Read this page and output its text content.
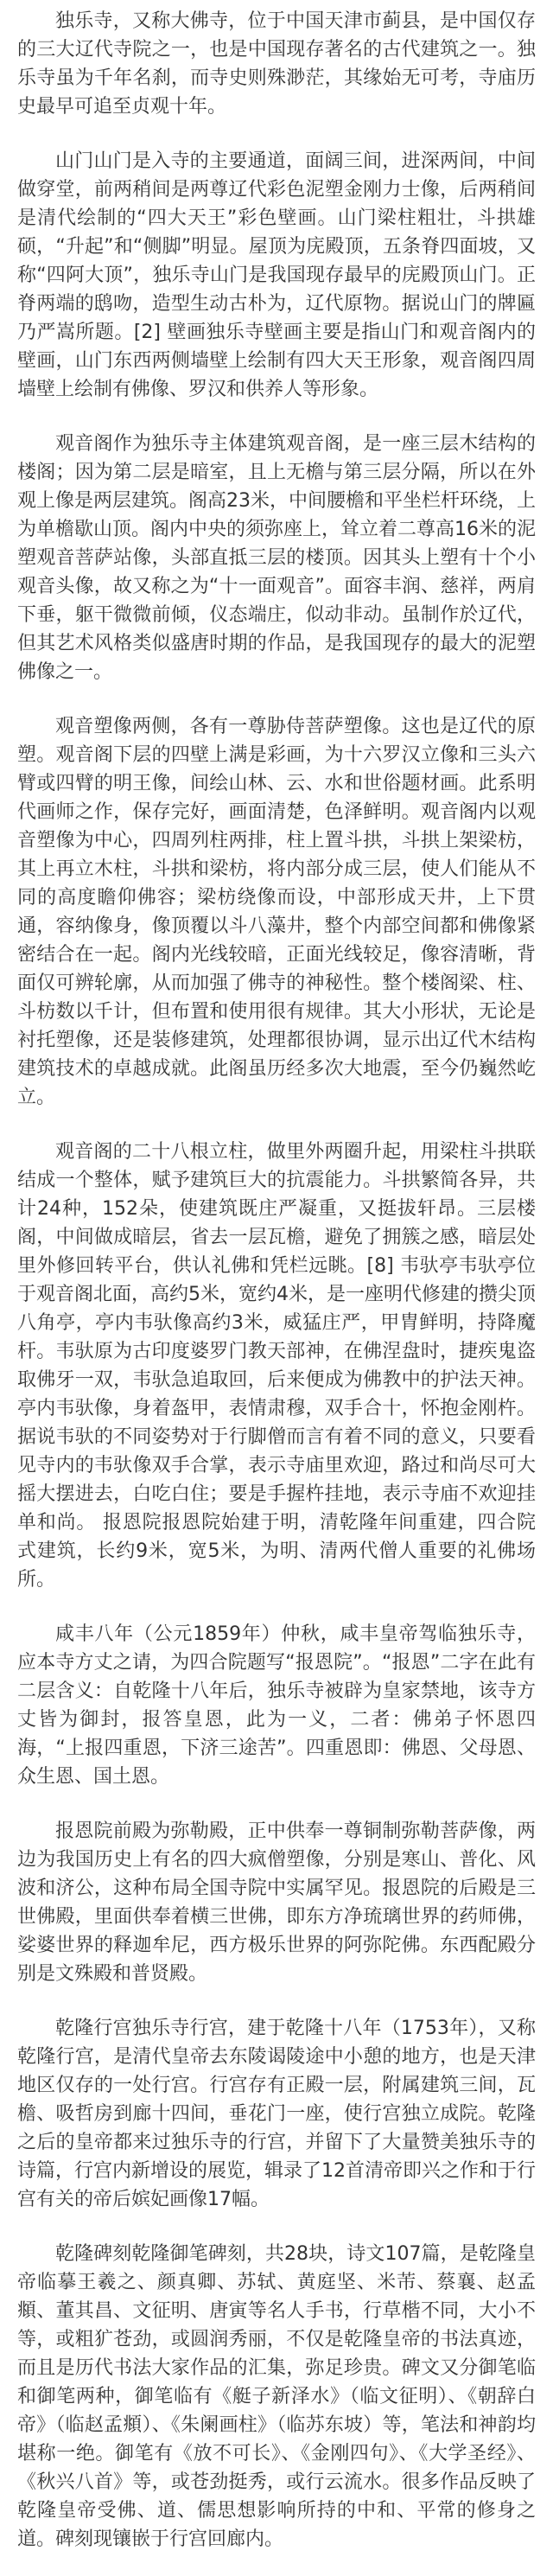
独乐寺，又称大佛寺，位于中国天津市蓟县，是中国仅存的三大辽代寺院之一，也是中国现存著名的古代建筑之一。独乐寺虽为千年名刹，而寺史则殊渺茫，其缘始无可考，寺庙历史最早可追至贞观十年。

山门山门是入寺的主要通道，面阔三间，进深两间，中间做穿堂，前两稍间是两尊辽代彩色泥塑金刚力士像，后两稍间是清代绘制的“四大天王”彩色壁画。山门梁柱粗壮，斗拱雄硕，“升起”和“侧脚”明显。屋顶为庑殿顶，五条脊四面坡，又称“四阿大顶”，独乐寺山门是我国现存最早的庑殿顶山门。正脊两端的鸱吻，造型生动古朴为，辽代原物。据说山门的牌匾乃严嵩所题。[2] 壁画独乐寺壁画主要是指山门和观音阁内的壁画，山门东西两侧墙壁上绘制有四大天王形象，观音阁四周墙壁上绘制有佛像、罗汉和供养人等形象。

观音阁作为独乐寺主体建筑观音阁，是一座三层木结构的楼阁；因为第二层是暗室，且上无檐与第三层分隔，所以在外观上像是两层建筑。阁高23米，中间腰檐和平坐栏杆环绕，上为单檐歇山顶。阁内中央的须弥座上，耸立着二尊高16米的泥塑观音菩萨站像，头部直抵三层的楼顶。因其头上塑有十个小观音头像，故又称之为“十一面观音”。面容丰润、慈祥，两肩下垂，躯干微微前倾，仪态端庄，似动非动。虽制作於辽代，但其艺术风格类似盛唐时期的作品，是我国现存的最大的泥塑佛像之一。

观音塑像两侧，各有一尊胁侍菩萨塑像。这也是辽代的原塑。观音阁下层的四壁上满是彩画，为十六罗汉立像和三头六臂或四臂的明王像，间绘山林、云、水和世俗题材画。此系明代画师之作，保存完好，画面清楚，色泽鲜明。观音阁内以观音塑像为中心，四周列柱两排，柱上置斗拱，斗拱上架梁枋，其上再立木柱，斗拱和梁枋，将内部分成三层，使人们能从不同的高度瞻仰佛容；梁枋绕像而设，中部形成天井，上下贯通，容纳像身，像顶覆以斗八藻井，整个内部空间都和佛像紧密结合在一起。阁内光线较暗，正面光线较足，像容清晰，背面仅可辨轮廓，从而加强了佛寺的神秘性。整个楼阁梁、柱、斗枋数以千计，但布置和使用很有规律。其大小形状，无论是衬托塑像，还是装修建筑，处理都很协调，显示出辽代木结构建筑技术的卓越成就。此阁虽历经多次大地震，至今仍巍然屹立。

观音阁的二十八根立柱，做里外两圈升起，用梁柱斗拱联结成一个整体，赋予建筑巨大的抗震能力。斗拱繁简各异，共计24种，152朵，使建筑既庄严凝重，又挺拔轩昂。三层楼阁，中间做成暗层，省去一层瓦檐，避免了拥簇之感，暗层处里外修回转平台，供认礼佛和凭栏远眺。[8] 韦驮亭韦驮亭位于观音阁北面，高约5米，宽约4米，是一座明代修建的攒尖顶八角亭，亭内韦驮像高约3米，威猛庄严，甲胄鲜明，持降魔杆。韦驮原为古印度婆罗门教天部神，在佛涅盘时，捷疾鬼盗取佛牙一双，韦驮急追取回，后来便成为佛教中的护法天神。亭内韦驮像，身着盔甲，表情肃穆，双手合十，怀抱金刚杵。据说韦驮的不同姿势对于行脚僧而言有着不同的意义，只要看见寺内的韦驮像双手合掌，表示寺庙里欢迎，路过和尚尽可大摇大摆进去，白吃白住；要是手握杵挂地，表示寺庙不欢迎挂单和尚。 报恩院报恩院始建于明，清乾隆年间重建，四合院式建筑，长约9米，宽5米，为明、清两代僧人重要的礼佛场所。

咸丰八年（公元1859年）仲秋，咸丰皇帝驾临独乐寺，应本寺方丈之请，为四合院题写“报恩院”。“报恩”二字在此有二层含义：自乾隆十八年后，独乐寺被辟为皇家禁地，该寺方丈皆为御封，报答皇恩，此为一义，二者：佛弟子怀恩四海，“上报四重恩，下济三途苦”。四重恩即：佛恩、父母恩、众生恩、国土恩。

报恩院前殿为弥勒殿，正中供奉一尊铜制弥勒菩萨像，两边为我国历史上有名的四大疯僧塑像，分别是寒山、普化、风波和济公，这种布局全国寺院中实属罕见。报恩院的后殿是三世佛殿，里面供奉着横三世佛，即东方净琉璃世界的药师佛，娑婆世界的释迦牟尼，西方极乐世界的阿弥陀佛。东西配殿分别是文殊殿和普贤殿。

乾隆行宫独乐寺行宫，建于乾隆十八年（1753年），又称乾隆行宫，是清代皇帝去东陵谒陵途中小憩的地方，也是天津地区仅存的一处行宫。行宫存有正殿一层，附属建筑三间，瓦檐、吸哲房到廊十四间，垂花门一座，使行宫独立成院。乾隆之后的皇帝都来过独乐寺的行宫，并留下了大量赞美独乐寺的诗篇，行宫内新增设的展览，辑录了12首清帝即兴之作和于行宫有关的帝后嫔妃画像17幅。

乾隆碑刻乾隆御笔碑刻，共28块，诗文107篇，是乾隆皇帝临摹王羲之、颜真卿、苏轼、黄庭坚、米芾、蔡襄、赵孟頫、董其昌、文征明、唐寅等名人手书，行草楷不同，大小不等，或粗犷苍劲，或圆润秀丽，不仅是乾隆皇帝的书法真迹，而且是历代书法大家作品的汇集，弥足珍贵。碑文又分御笔临和御笔两种，御笔临有《艇子新泽水》（临文征明）、《朝辞白帝》（临赵孟頫）、《朱阑画柱》（临苏东坡）等，笔法和神韵均堪称一绝。御笔有《放不可长》、《金刚四句》、《大学圣经》、《秋兴八首》等，或苍劲挺秀，或行云流水。很多作品反映了乾隆皇帝受佛、道、儒思想影响所持的中和、平常的修身之道。碑刻现镶嵌于行宫回廊内。
